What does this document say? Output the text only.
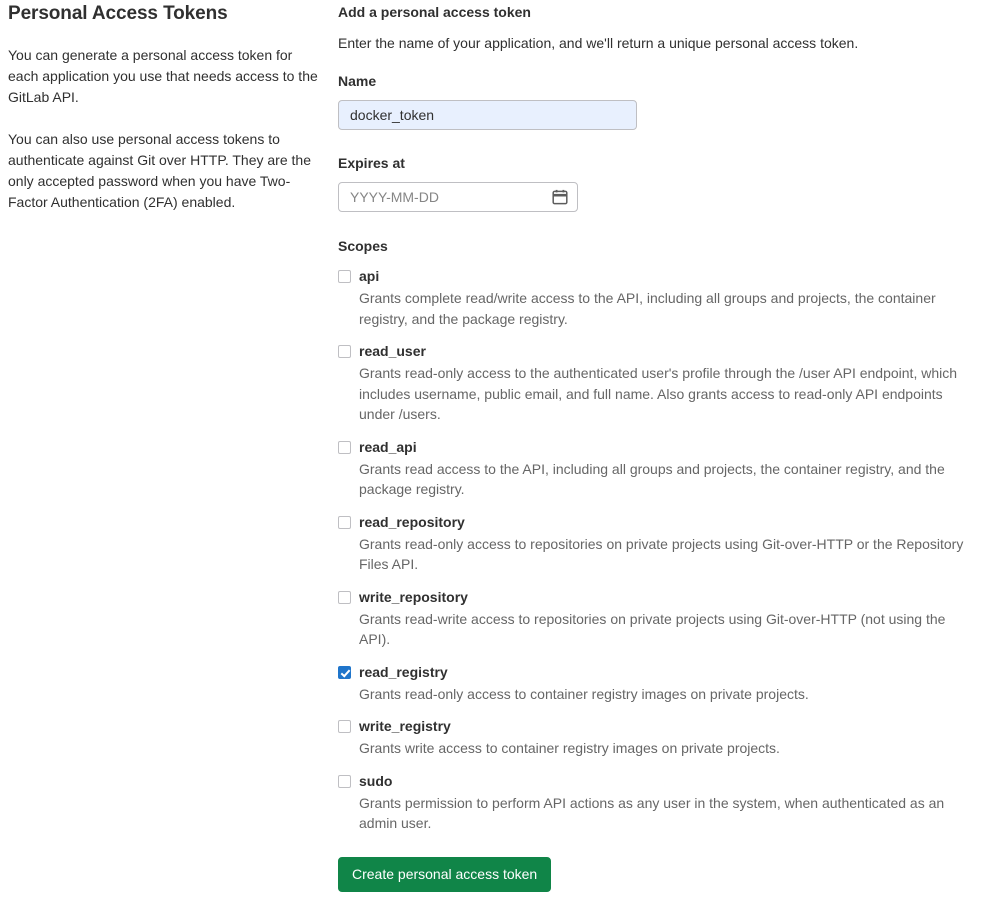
Personal Access Tokens

You can generate a personal access token for each application you use that needs access to the GitLab API.

You can also use personal access tokens to authenticate against Git over HTTP. They are the only accepted password when you have Two-Factor Authentication (2FA) enabled.

Add a personal access token

Enter the name of your application, and we'll return a unique personal access token.

Name
docker_token
Expires at
YYYY-MM-DD
Scopes
api
Grants complete read/write access to the API, including all groups and projects, the container registry, and the package registry.
read_user
Grants read-only access to the authenticated user's profile through the /user API endpoint, which includes username, public email, and full name. Also grants access to read-only API endpoints under /users.
read_api
Grants read access to the API, including all groups and projects, the container registry, and the package registry.
read_repository
Grants read-only access to repositories on private projects using Git-over-HTTP or the Repository Files API.
write_repository
Grants read-write access to repositories on private projects using Git-over-HTTP (not using the API).
read_registry
Grants read-only access to container registry images on private projects.
write_registry
Grants write access to container registry images on private projects.
sudo
Grants permission to perform API actions as any user in the system, when authenticated as an admin user.
Create personal access token
